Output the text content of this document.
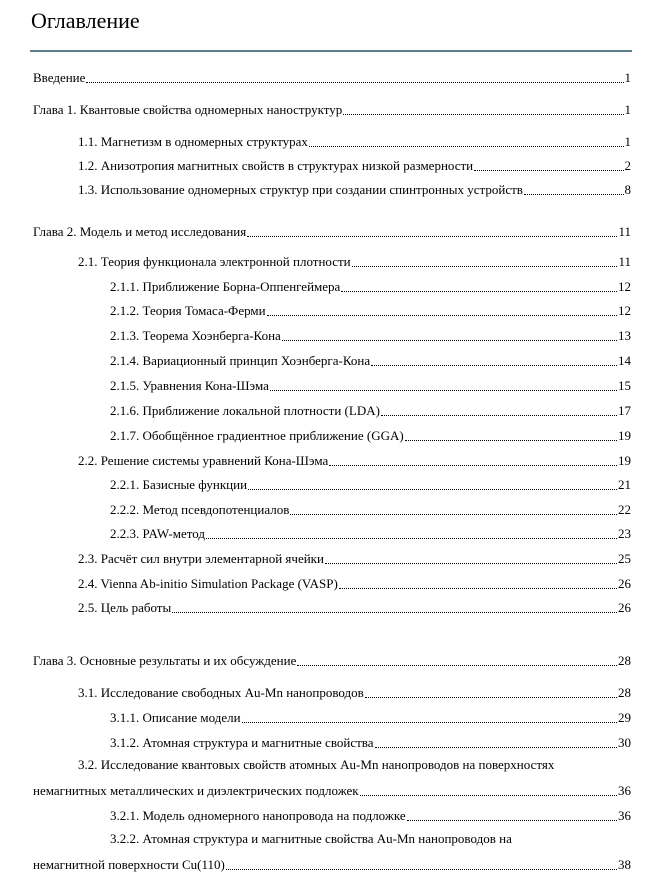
Оглавление
Введение	1
Глава 1. Квантовые свойства одномерных наноструктур	1
1.1. Магнетизм в одномерных структурах	1
1.2. Анизотропия магнитных свойств в структурах низкой размерности	2
1.3. Использование одномерных структур при создании спинтронных устройств	8
Глава 2. Модель и метод исследования	11
2.1. Теория функционала электронной плотности	11
2.1.1. Приближение Борна-Оппенгеймера	12
2.1.2. Теория Томаса-Ферми	12
2.1.3. Теорема Хоэнберга-Кона	13
2.1.4. Вариационный принцип Хоэнберга-Кона	14
2.1.5. Уравнения Кона-Шэма	15
2.1.6. Приближение локальной плотности (LDA)	17
2.1.7. Обобщённое градиентное приближение (GGA)	19
2.2. Решение системы уравнений Кона-Шэма	19
2.2.1. Базисные функции	21
2.2.2. Метод псевдопотенциалов	22
2.2.3. PAW-метод	23
2.3. Расчёт сил внутри элементарной ячейки	25
2.4. Vienna Ab-initio Simulation Package (VASP)	26
2.5. Цель работы	26
Глава 3. Основные результаты и их обсуждение	28
3.1. Исследование свободных Au-Mn нанопроводов	28
3.1.1. Описание модели	29
3.1.2. Атомная структура и магнитные свойства	30
3.2. Исследование квантовых свойств атомных Au-Mn нанопроводов на поверхностях
немагнитных металлических и диэлектрических подложек	36
3.2.1. Модель одномерного нанопровода на подложке	36
3.2.2. Атомная структура и магнитные свойства Au-Mn нанопроводов на
немагнитной поверхности Cu(110)	38
